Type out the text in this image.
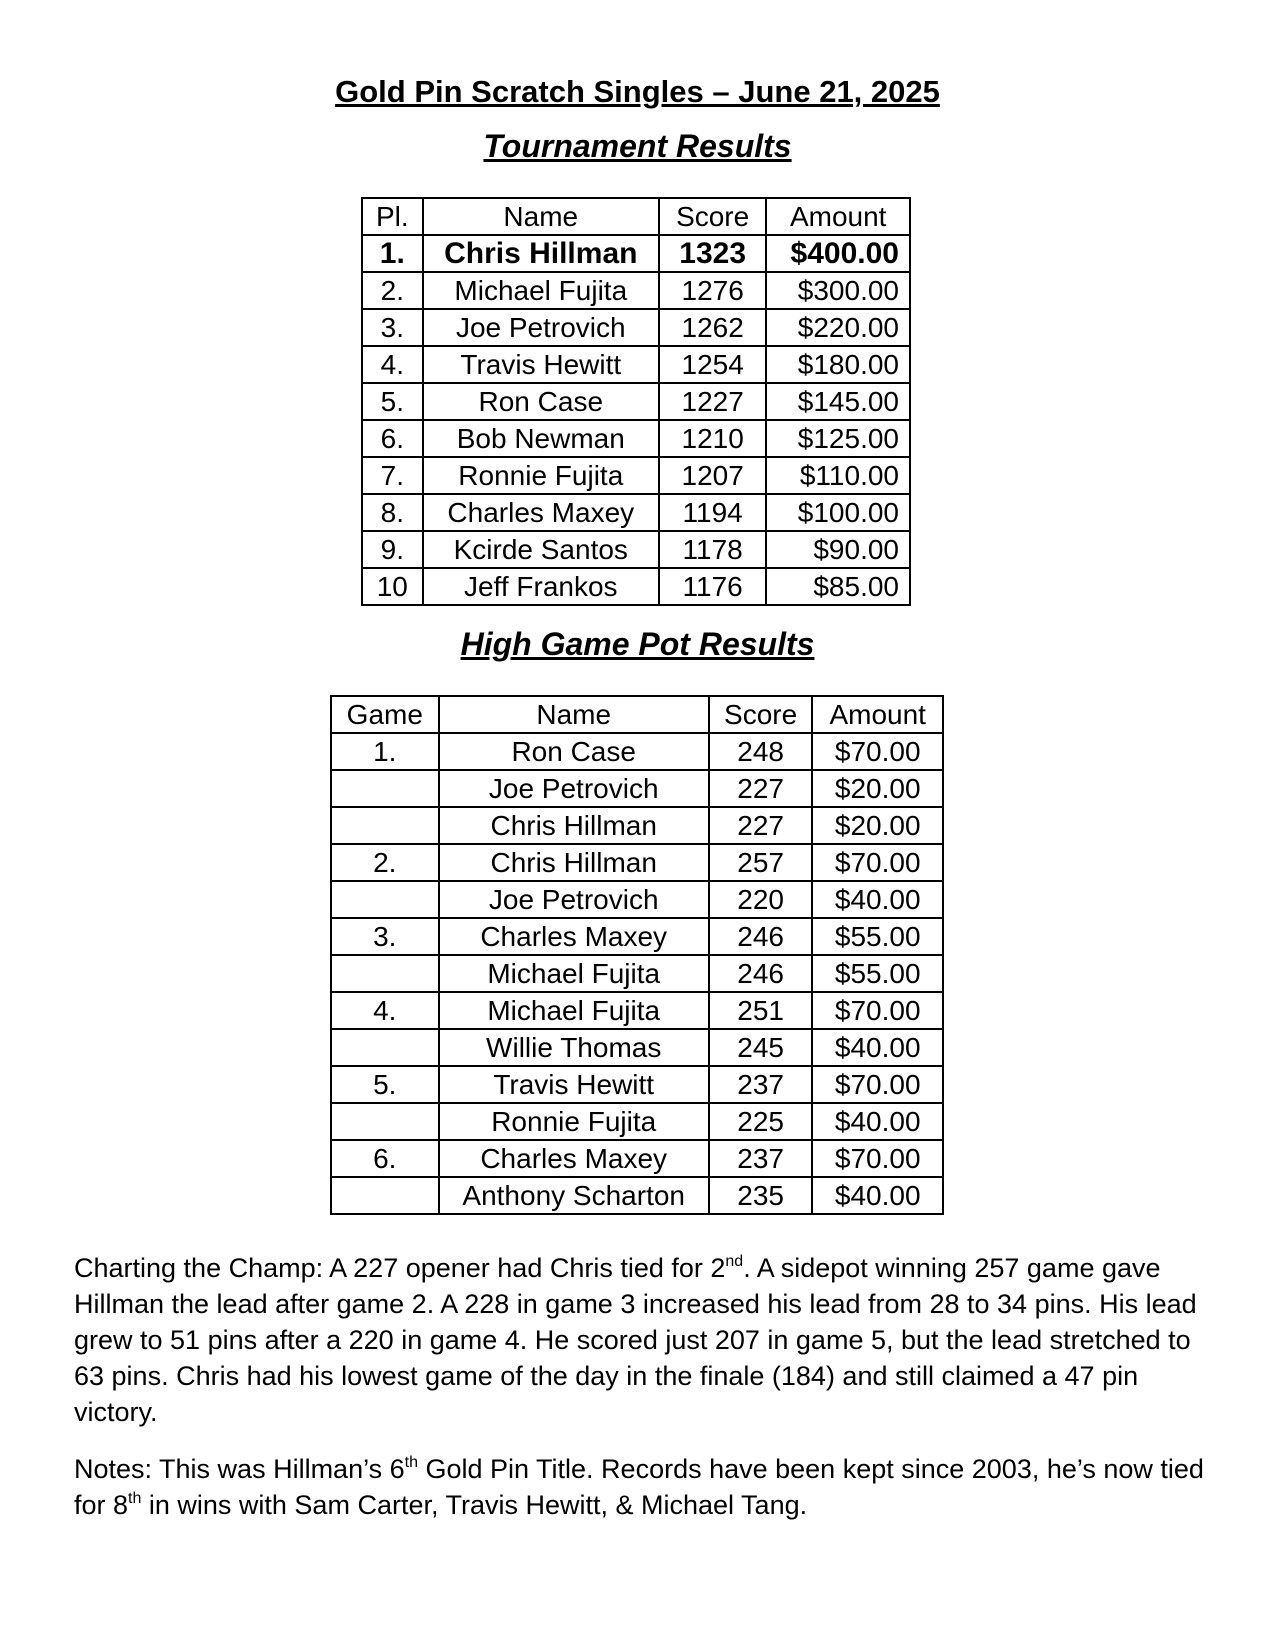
Gold Pin Scratch Singles – June 21, 2025
Tournament Results
Pl.	Name	Score	Amount
1.	Chris Hillman	1323	$400.00
2.	Michael Fujita	1276	$300.00
3.	Joe Petrovich	1262	$220.00
4.	Travis Hewitt	1254	$180.00
5.	Ron Case	1227	$145.00
6.	Bob Newman	1210	$125.00
7.	Ronnie Fujita	1207	$110.00
8.	Charles Maxey	1194	$100.00
9.	Kcirde Santos	1178	$90.00
10	Jeff Frankos	1176	$85.00
High Game Pot Results
Game	Name	Score	Amount
1.	Ron Case	248	$70.00
	Joe Petrovich	227	$20.00
	Chris Hillman	227	$20.00
2.	Chris Hillman	257	$70.00
	Joe Petrovich	220	$40.00
3.	Charles Maxey	246	$55.00
	Michael Fujita	246	$55.00
4.	Michael Fujita	251	$70.00
	Willie Thomas	245	$40.00
5.	Travis Hewitt	237	$70.00
	Ronnie Fujita	225	$40.00
6.	Charles Maxey	237	$70.00
	Anthony Scharton	235	$40.00
Charting the Champ: A 227 opener had Chris tied for 2nd. A sidepot winning 257 game gave Hillman the lead after game 2. A 228 in game 3 increased his lead from 28 to 34 pins. His lead grew to 51 pins after a 220 in game 4. He scored just 207 in game 5, but the lead stretched to 63 pins. Chris had his lowest game of the day in the finale (184) and still claimed a 47 pin victory.
Notes: This was Hillman’s 6th Gold Pin Title. Records have been kept since 2003, he’s now tied for 8th in wins with Sam Carter, Travis Hewitt, & Michael Tang.
